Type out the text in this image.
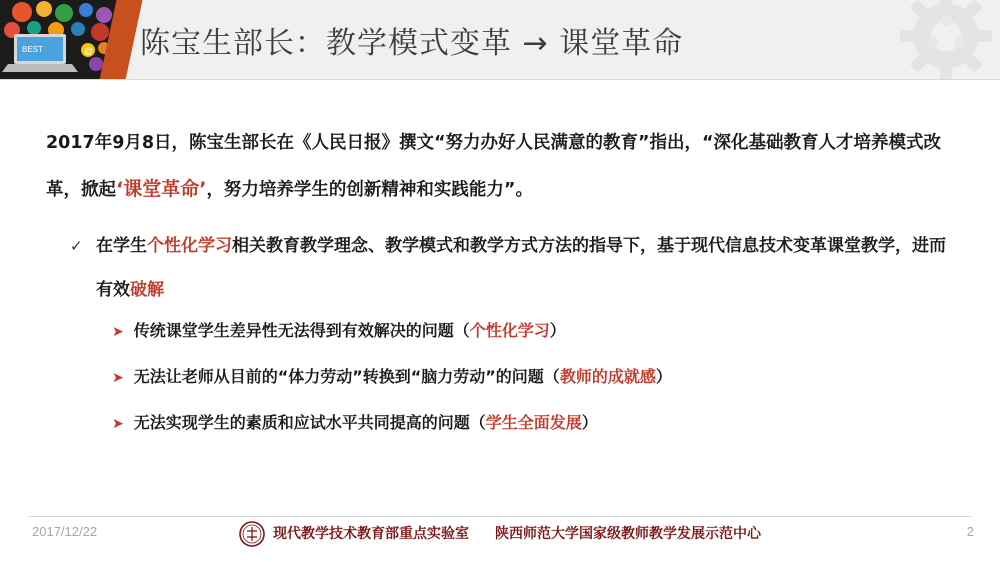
BEST	@ 陈宝生部长：教学模式变革 → 课堂革命
2017年9月8日，陈宝生部长在《人民日报》撰文“努力办好人民满意的教育”指出，“深化基础教育人才培养模式改革，掀起‘课堂革命’，努力培养学生的创新精神和实践能力”。
✓ 在学生个性化学习相关教育教学理念、教学模式和教学方式方法的指导下，基于现代信息技术变革课堂教学，进而有效破解
➤ 传统课堂学生差异性无法得到有效解决的问题（个性化学习）
➤ 无法让老师从目前的“体力劳动”转换到“脑力劳动”的问题（教师的成就感）
➤ 无法实现学生的素质和应试水平共同提高的问题（学生全面发展）
2017/12/22	现代教学技术教育部重点实验室 陕西师范大学国家级教师教学发展示范中心	2
